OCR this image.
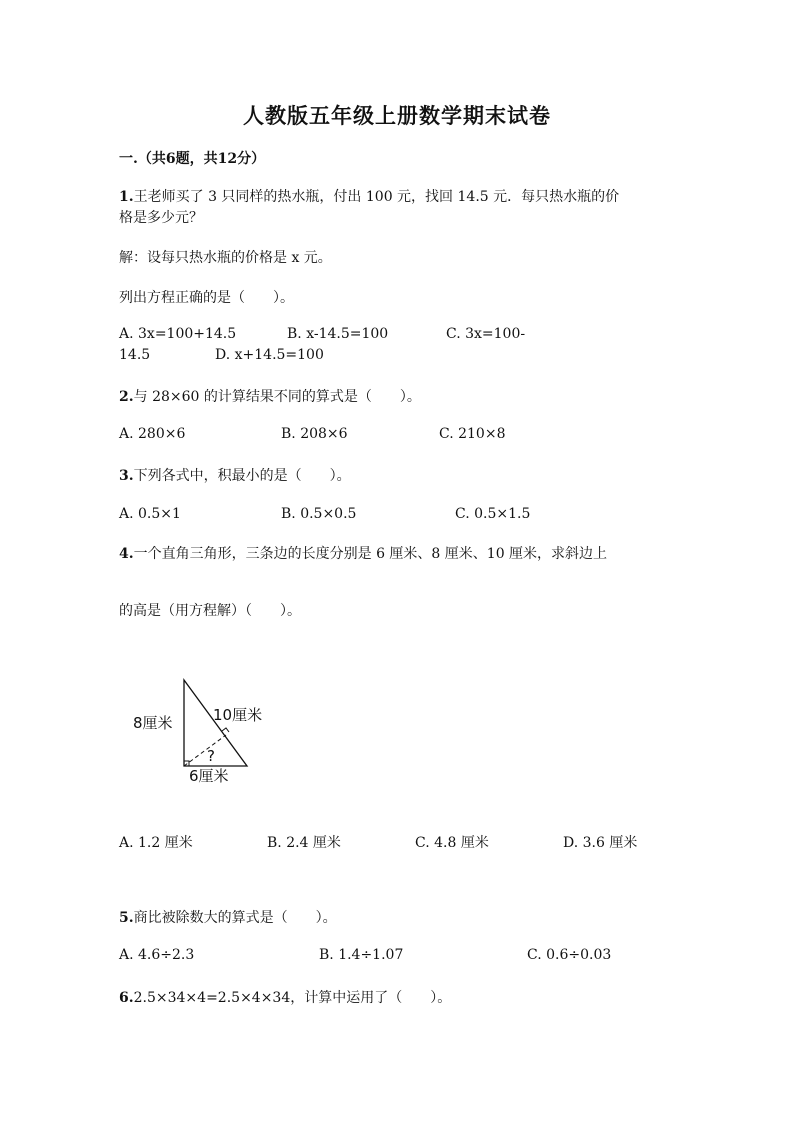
人教版五年级上册数学期末试卷
一.（共6题，共12分）
1.王老师买了 3 只同样的热水瓶，付出 100 元，找回 14.5 元．每只热水瓶的价
格是多少元？
解：设每只热水瓶的价格是 x 元。
列出方程正确的是（　　）。
A. 3x=100+14.5	B. x-14.5=100	C. 3x=100-
14.5	D. x+14.5=100
2.与 28×60 的计算结果不同的算式是（　　）。
A. 280×6	B. 208×6	C. 210×8
3.下列各式中，积最小的是（　　）。
A. 0.5×1	B. 0.5×0.5	C. 0.5×1.5
4.一个直角三角形，三条边的长度分别是 6 厘米、8 厘米、10 厘米，求斜边上
的高是（用方程解）（　　）。
8厘米	10厘米
6厘米
?
A. 1.2 厘米	B. 2.4 厘米	C. 4.8 厘米	D. 3.6 厘米
5.商比被除数大的算式是（　　）。
A. 4.6÷2.3	B. 1.4÷1.07	C. 0.6÷0.03
6.2.5×34×4=2.5×4×34，计算中运用了（　　）。
